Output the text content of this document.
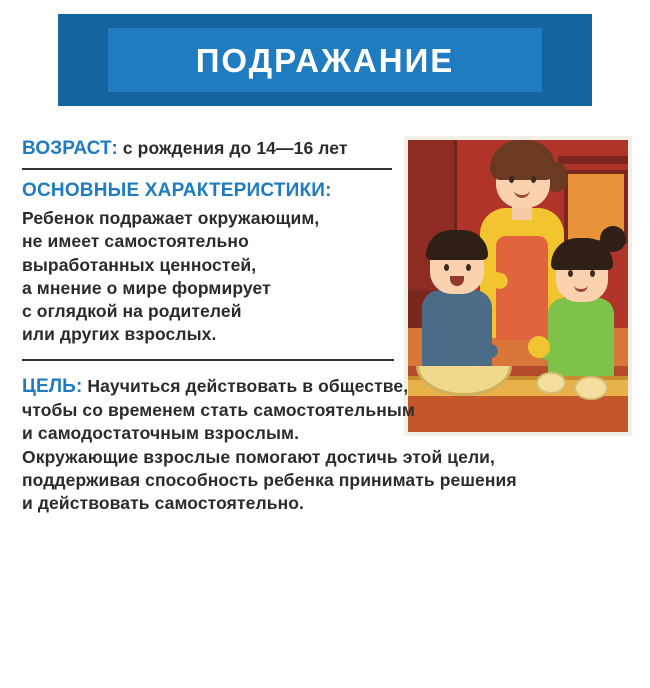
ПОДРАЖАНИЕ
ВОЗРАСТ: с рождения до 14—16 лет
ОСНОВНЫЕ ХАРАКТЕРИСТИКИ:

Ребенок подражает окружающим,

не имеет самостоятельно

выработанных ценностей,

а мнение о мире формирует

с оглядкой на родителей

или других взрослых.

ЦЕЛЬ: Научиться действовать в обществе,

чтобы со временем стать самостоятельным

и самодостаточным взрослым.

Окружающие взрослые помогают достичь этой цели,

поддерживая способность ребенка принимать решения

и действовать самостоятельно.
